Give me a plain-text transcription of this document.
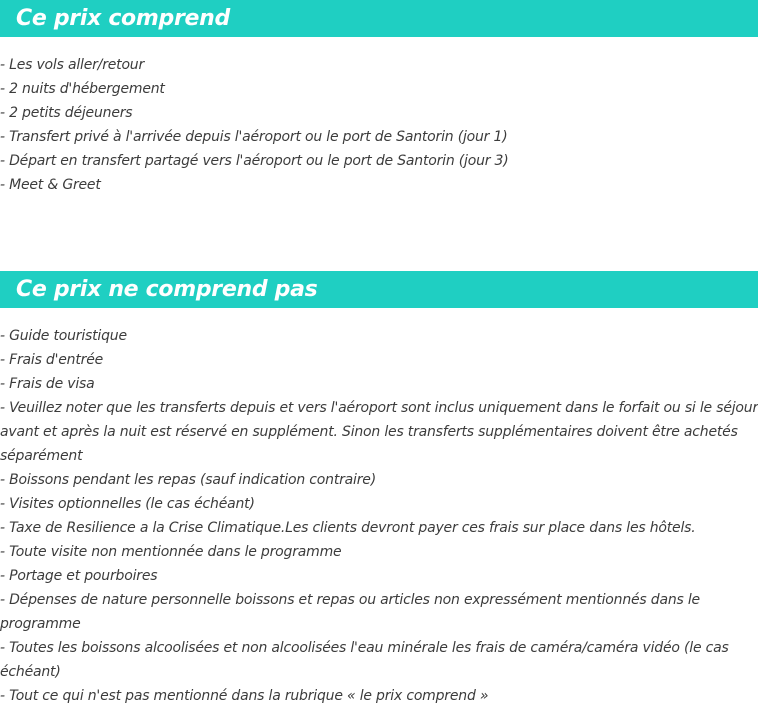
Ce prix comprend
- Les vols aller/retour
- 2 nuits d'hébergement
- 2 petits déjeuners
- Transfert privé à l'arrivée depuis l'aéroport ou le port de Santorin (jour 1)
- Départ en transfert partagé vers l'aéroport ou le port de Santorin (jour 3)
- Meet & Greet
Ce prix ne comprend pas
- Guide touristique
- Frais d'entrée
- Frais de visa
- Veuillez noter que les transferts depuis et vers l'aéroport sont inclus uniquement dans le forfait ou si le séjour avant et après la nuit est réservé en supplément. Sinon les transferts supplémentaires doivent être achetés séparément
- Boissons pendant les repas (sauf indication contraire)
- Visites optionnelles (le cas échéant)
- Taxe de Resilience a la Crise Climatique.Les clients devront payer ces frais sur place dans les hôtels.
- Toute visite non mentionnée dans le programme
- Portage et pourboires
- Dépenses de nature personnelle boissons et repas ou articles non expressément mentionnés dans le programme
- Toutes les boissons alcoolisées et non alcoolisées l'eau minérale les frais de caméra/caméra vidéo (le cas échéant)
- Tout ce qui n'est pas mentionné dans la rubrique « le prix comprend »
